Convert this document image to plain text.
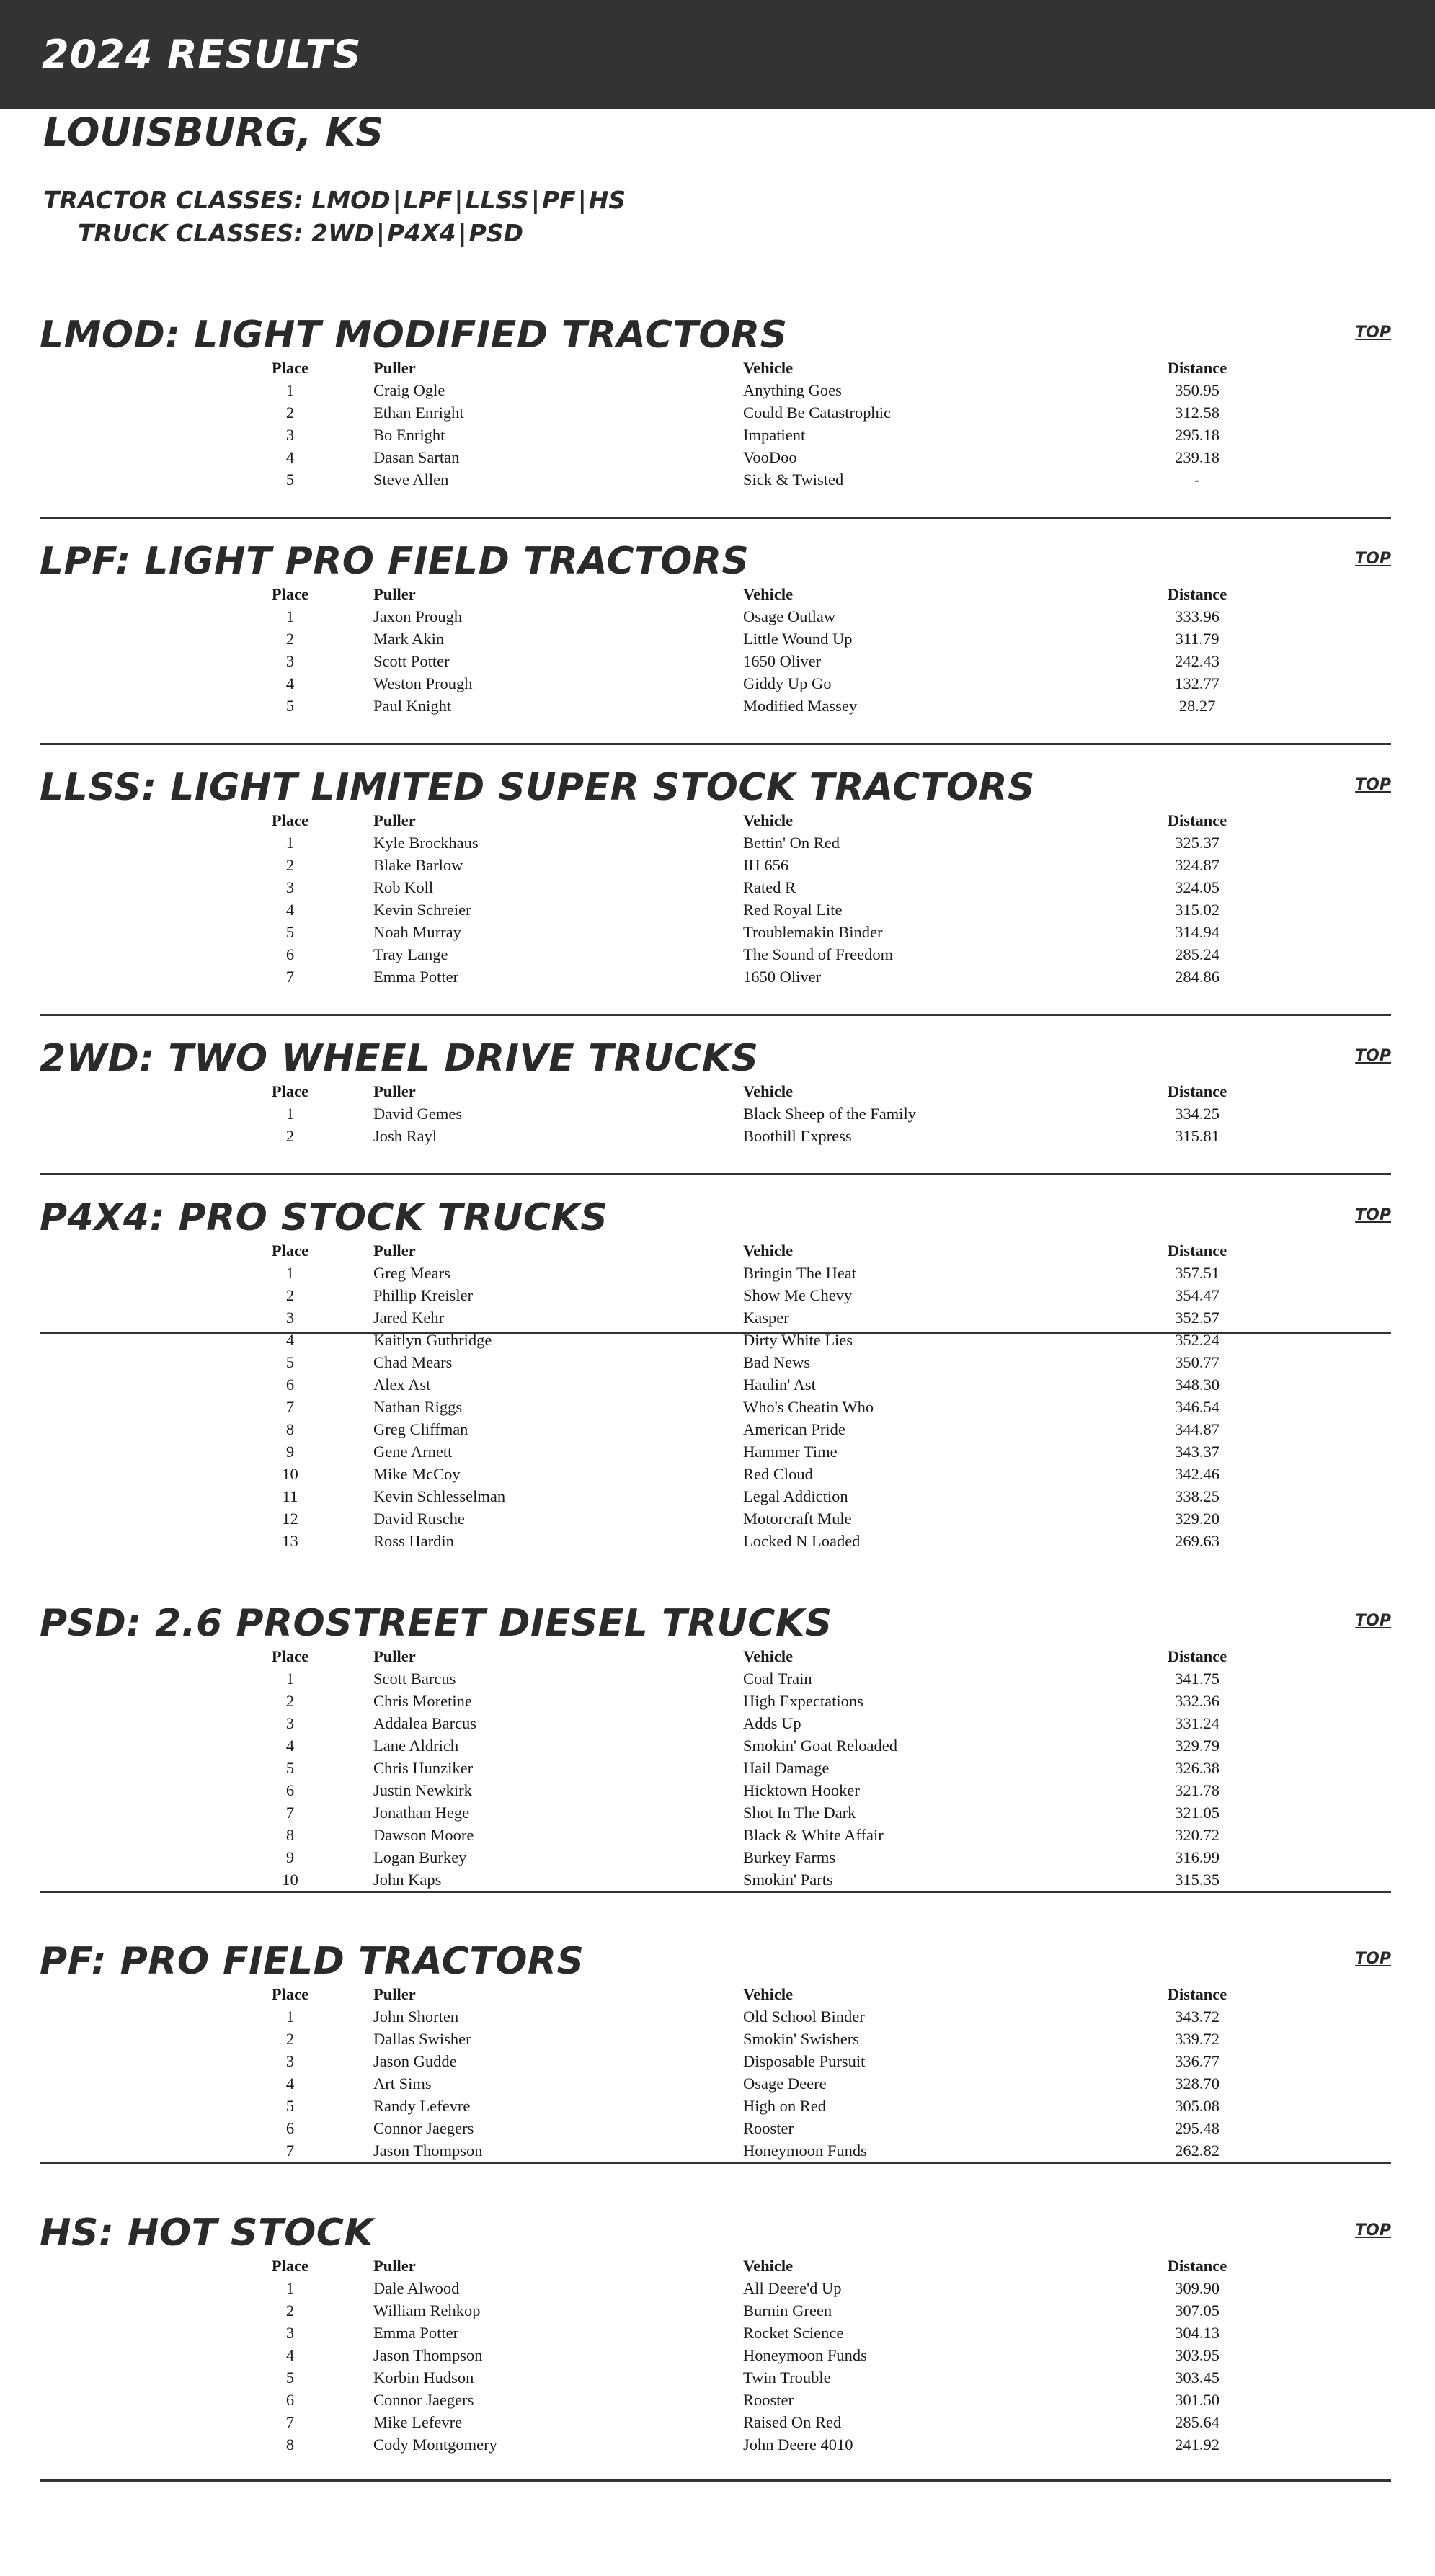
2024 RESULTS
LOUISBURG, KS
TRACTOR CLASSES: LMOD|LPF|LLSS|PF|HS
TRUCK CLASSES: 2WD|P4X4|PSD
LMOD: LIGHT MODIFIED TRACTORS	TOP
Place	Puller	Vehicle	Distance
1	Craig Ogle	Anything Goes	350.95
2	Ethan Enright	Could Be Catastrophic	312.58
3	Bo Enright	Impatient	295.18
4	Dasan Sartan	VooDoo	239.18
5	Steve Allen	Sick & Twisted	-
LPF: LIGHT PRO FIELD TRACTORS	TOP
Place	Puller	Vehicle	Distance
1	Jaxon Prough	Osage Outlaw	333.96
2	Mark Akin	Little Wound Up	311.79
3	Scott Potter	1650 Oliver	242.43
4	Weston Prough	Giddy Up Go	132.77
5	Paul Knight	Modified Massey	28.27
LLSS: LIGHT LIMITED SUPER STOCK TRACTORS	TOP
Place	Puller	Vehicle	Distance
1	Kyle Brockhaus	Bettin' On Red	325.37
2	Blake Barlow	IH 656	324.87
3	Rob Koll	Rated R	324.05
4	Kevin Schreier	Red Royal Lite	315.02
5	Noah Murray	Troublemakin Binder	314.94
6	Tray Lange	The Sound of Freedom	285.24
7	Emma Potter	1650 Oliver	284.86
2WD: TWO WHEEL DRIVE TRUCKS	TOP
Place	Puller	Vehicle	Distance
1	David Gemes	Black Sheep of the Family	334.25
2	Josh Rayl	Boothill Express	315.81
P4X4: PRO STOCK TRUCKS	TOP
Place	Puller	Vehicle	Distance
1	Greg Mears	Bringin The Heat	357.51
2	Phillip Kreisler	Show Me Chevy	354.47
3	Jared Kehr	Kasper	352.57
4	Kaitlyn Guthridge	Dirty White Lies	352.24
5	Chad Mears	Bad News	350.77
6	Alex Ast	Haulin' Ast	348.30
7	Nathan Riggs	Who's Cheatin Who	346.54
8	Greg Cliffman	American Pride	344.87
9	Gene Arnett	Hammer Time	343.37
10	Mike McCoy	Red Cloud	342.46
11	Kevin Schlesselman	Legal Addiction	338.25
12	David Rusche	Motorcraft Mule	329.20
13	Ross Hardin	Locked N Loaded	269.63
PSD: 2.6 PROSTREET DIESEL TRUCKS	TOP
Place	Puller	Vehicle	Distance
1	Scott Barcus	Coal Train	341.75
2	Chris Moretine	High Expectations	332.36
3	Addalea Barcus	Adds Up	331.24
4	Lane Aldrich	Smokin' Goat Reloaded	329.79
5	Chris Hunziker	Hail Damage	326.38
6	Justin Newkirk	Hicktown Hooker	321.78
7	Jonathan Hege	Shot In The Dark	321.05
8	Dawson Moore	Black & White Affair	320.72
9	Logan Burkey	Burkey Farms	316.99
10	John Kaps	Smokin' Parts	315.35
PF: PRO FIELD TRACTORS	TOP
Place	Puller	Vehicle	Distance
1	John Shorten	Old School Binder	343.72
2	Dallas Swisher	Smokin' Swishers	339.72
3	Jason Gudde	Disposable Pursuit	336.77
4	Art Sims	Osage Deere	328.70
5	Randy Lefevre	High on Red	305.08
6	Connor Jaegers	Rooster	295.48
7	Jason Thompson	Honeymoon Funds	262.82
HS: HOT STOCK	TOP
Place	Puller	Vehicle	Distance
1	Dale Alwood	All Deere'd Up	309.90
2	William Rehkop	Burnin Green	307.05
3	Emma Potter	Rocket Science	304.13
4	Jason Thompson	Honeymoon Funds	303.95
5	Korbin Hudson	Twin Trouble	303.45
6	Connor Jaegers	Rooster	301.50
7	Mike Lefevre	Raised On Red	285.64
8	Cody Montgomery	John Deere 4010	241.92
